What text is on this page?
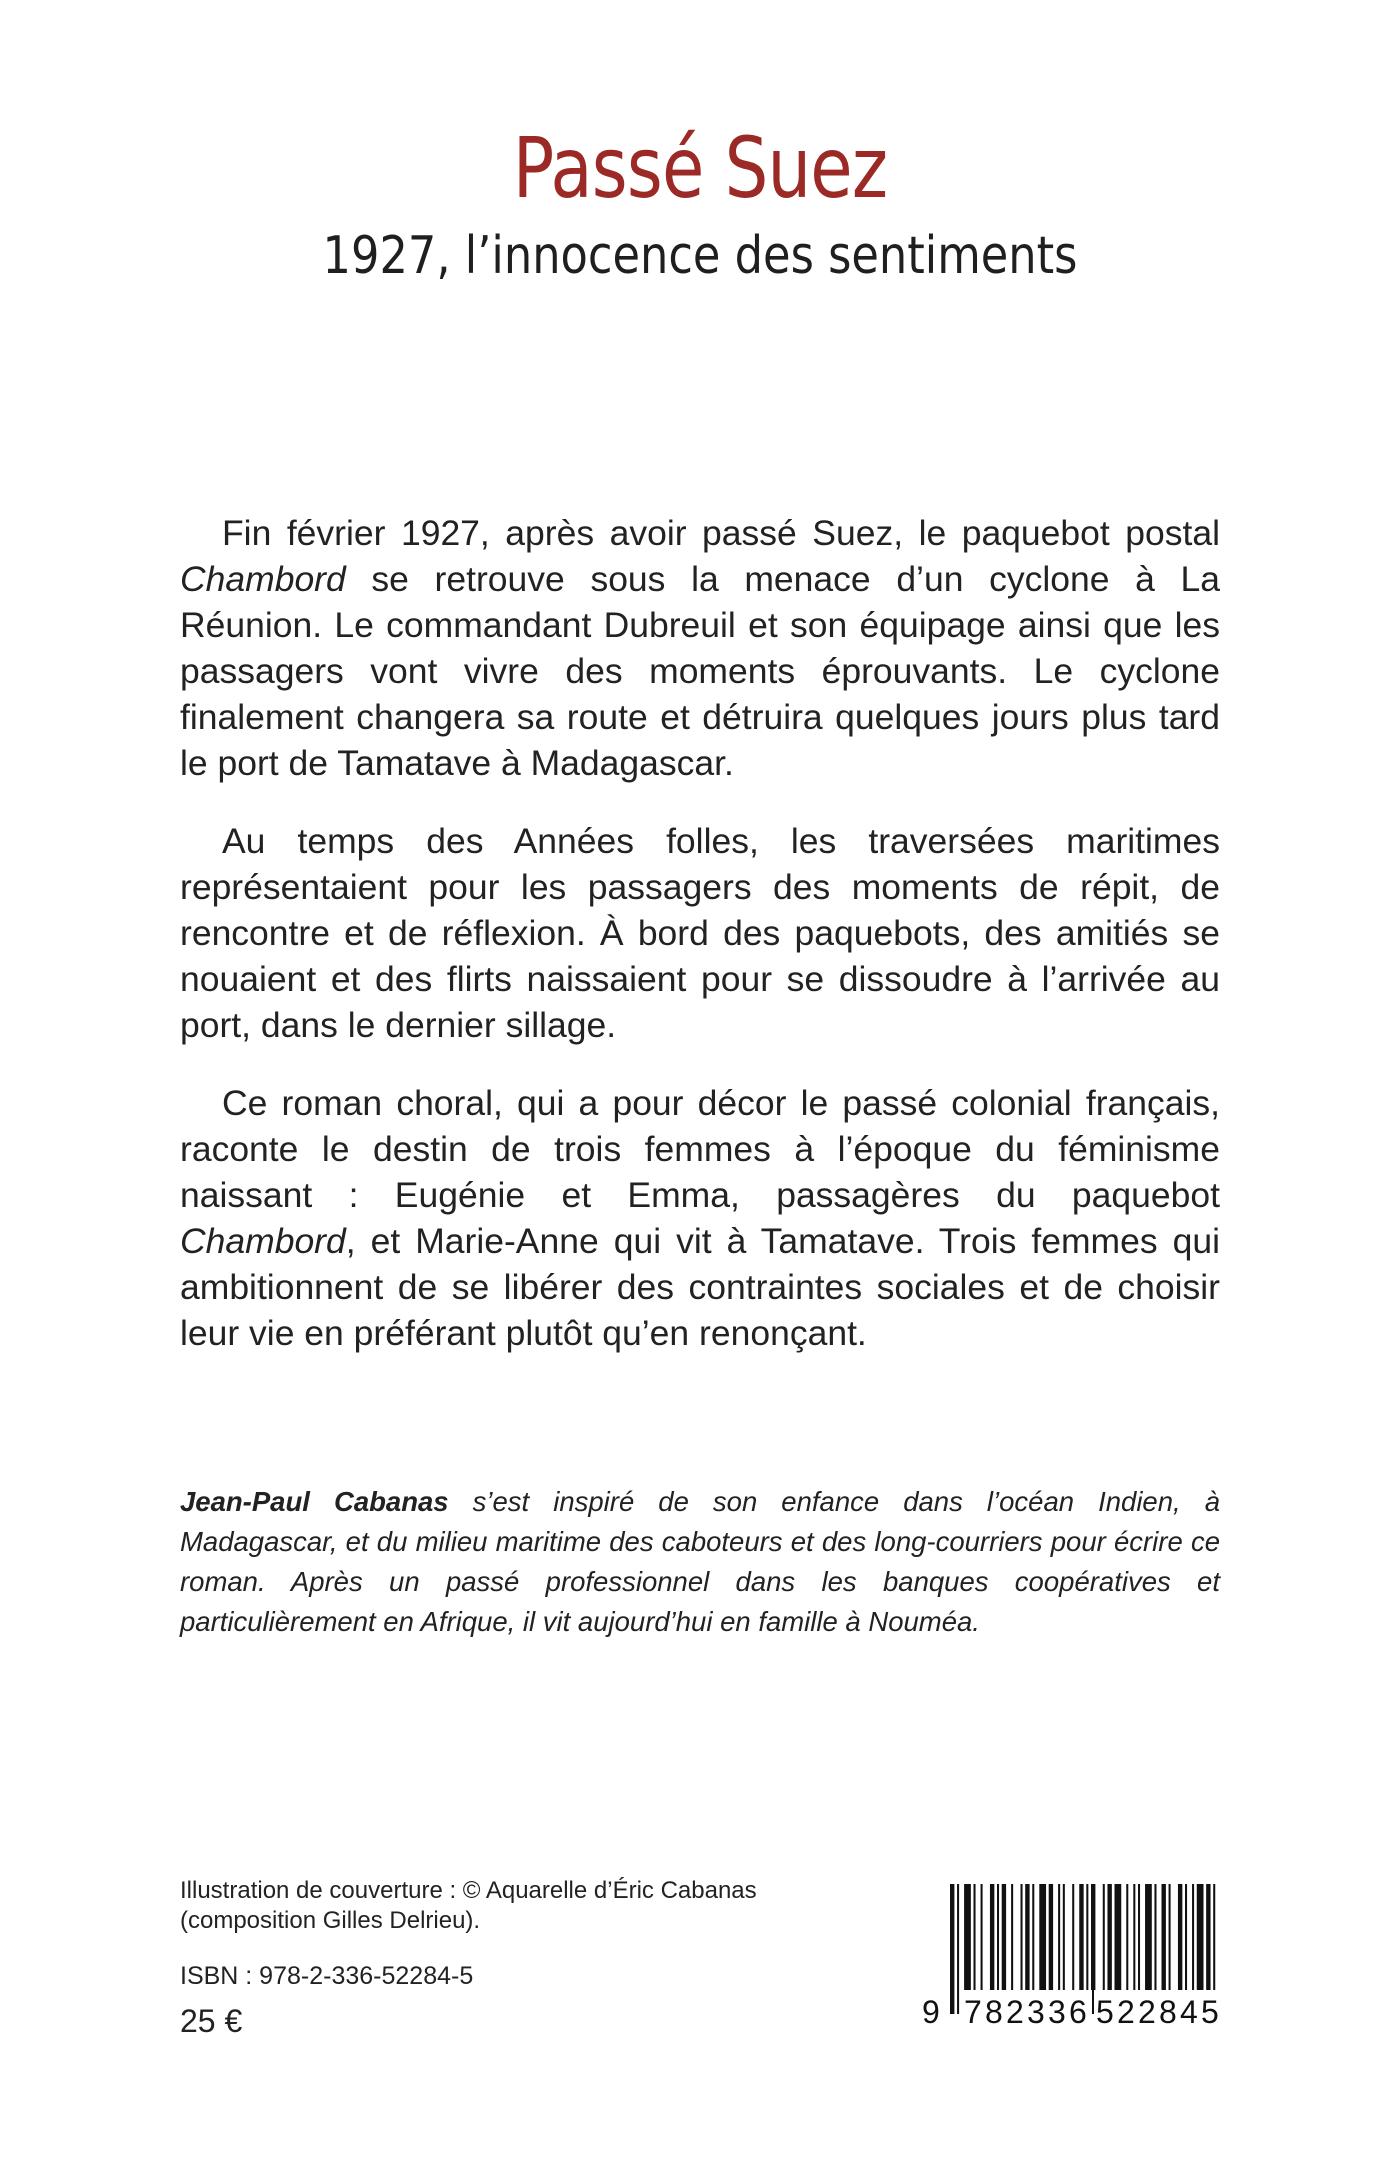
Passé Suez
1927, l’innocence des sentiments

Fin février 1927, après avoir passé Suez, le paquebot postal Chambord se retrouve sous la menace d’un cyclone à La Réunion. Le commandant Dubreuil et son équipage ainsi que les passagers vont vivre des moments éprouvants. Le cyclone finalement changera sa route et détruira quelques jours plus tard le port de Tamatave à Madagascar.

Au temps des Années folles, les traversées maritimes représentaient pour les passagers des moments de répit, de rencontre et de réflexion. À bord des paquebots, des amitiés se nouaient et des flirts naissaient pour se dissoudre à l’arrivée au port, dans le dernier sillage.

Ce roman choral, qui a pour décor le passé colonial français, raconte le destin de trois femmes à l’époque du féminisme naissant : Eugénie et Emma, passagères du paquebot Chambord, et Marie-Anne qui vit à Tamatave. Trois femmes qui ambitionnent de se libérer des contraintes sociales et de choisir leur vie en préférant plutôt qu’en renonçant.

Jean-Paul Cabanas s’est inspiré de son enfance dans l’océan Indien, à Madagascar, et du milieu maritime des caboteurs et des long-courriers pour écrire ce roman. Après un passé professionnel dans les banques coopératives et particulièrement en Afrique, il vit aujourd’hui en famille à Nouméa.
Illustration de couverture : © Aquarelle d’Éric Cabanas
(composition Gilles Delrieu).
ISBN : 978-2-336-52284-5
25 €	9 782336 522845
